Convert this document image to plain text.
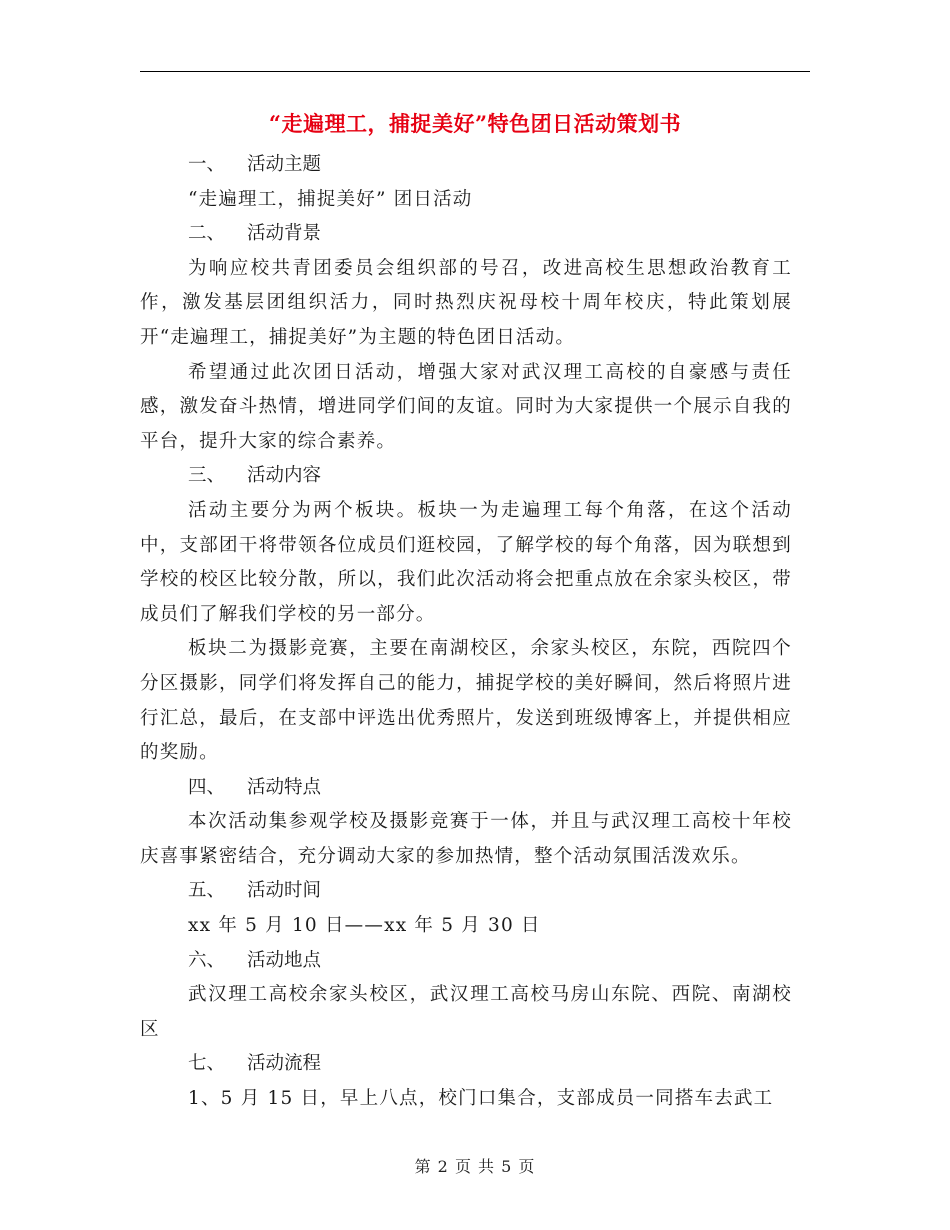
“走遍理工，捕捉美好”特色团日活动策划书
一、 活动主题

“走遍理工，捕捉美好” 团日活动

二、 活动背景

为响应校共青团委员会组织部的号召，改进高校生思想政治教育工作，激发基层团组织活力，同时热烈庆祝母校十周年校庆，特此策划展开“走遍理工，捕捉美好”为主题的特色团日活动。

希望通过此次团日活动，增强大家对武汉理工高校的自豪感与责任感，激发奋斗热情，增进同学们间的友谊。同时为大家提供一个展示自我的平台，提升大家的综合素养。

三、 活动内容

活动主要分为两个板块。板块一为走遍理工每个角落，在这个活动中，支部团干将带领各位成员们逛校园，了解学校的每个角落，因为联想到学校的校区比较分散，所以，我们此次活动将会把重点放在余家头校区，带成员们了解我们学校的另一部分。

板块二为摄影竞赛，主要在南湖校区，余家头校区，东院，西院四个分区摄影，同学们将发挥自己的能力，捕捉学校的美好瞬间，然后将照片进行汇总，最后，在支部中评选出优秀照片，发送到班级博客上，并提供相应的奖励。

四、 活动特点

本次活动集参观学校及摄影竞赛于一体，并且与武汉理工高校十年校庆喜事紧密结合，充分调动大家的参加热情，整个活动氛围活泼欢乐。

五、 活动时间

xx 年 5 月 10 日——xx 年 5 月 30 日

六、 活动地点

武汉理工高校余家头校区，武汉理工高校马房山东院、西院、南湖校区

七、 活动流程

1、5 月 15 日，早上八点，校门口集合，支部成员一同搭车去武工

第 2 页 共 5 页
